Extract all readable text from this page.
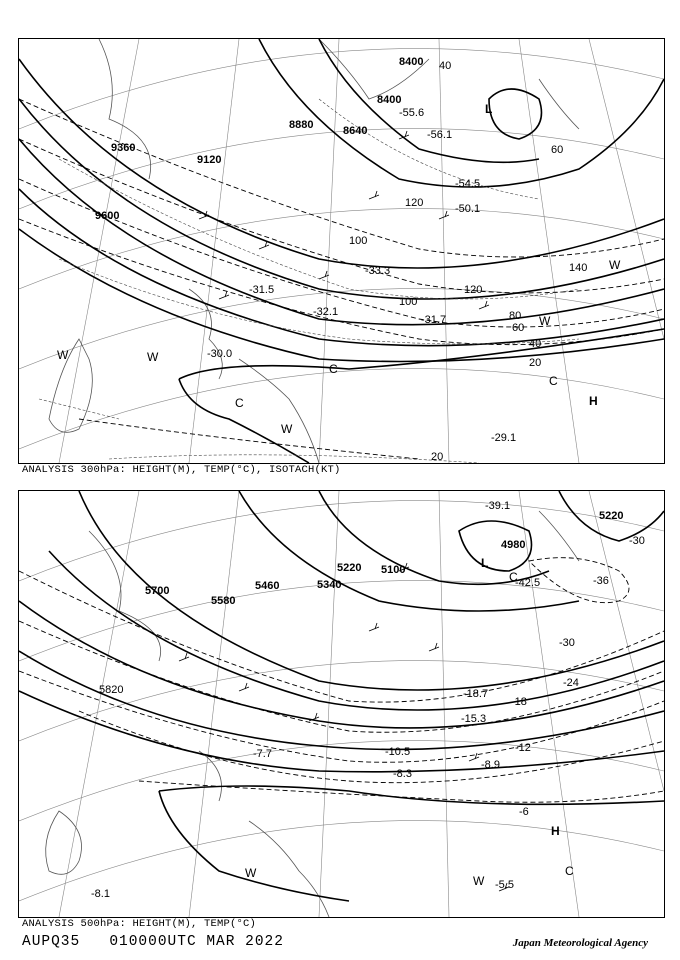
9360
9120
9600
8880	8640
8400
8400
20
40
60
80
100
120
140
100
120
60
40
20
-30.0
-31.7
-32.1
-31.5
-33.3
-50.1
-54.5
-56.1
-55.6
-29.1
L
H
C
C
W	W
W
W
C
W
ANALYSIS 300hPa: HEIGHT(M), TEMP(°C), ISOTACH(KT)
5700
5580
5460	5340
5220 5100
4980
5220
5820
-30
-36
-30
-24
-18
-12
-6
-8.9
-7.7
-8.3
-10.5
-15.3
-18.7
-5.5
-8.1
-42.5
-39.1
L
C
H
C
W
W
ANALYSIS 500hPa: HEIGHT(M), TEMP(°C)
AUPQ35 010000UTC MAR 2022	Japan Meteorological Agency
